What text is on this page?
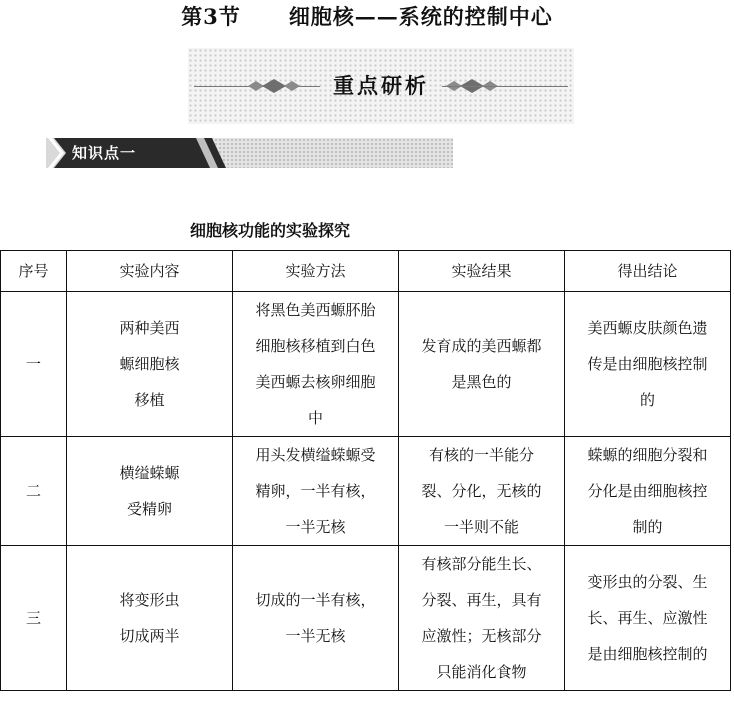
第3节 细胞核——系统的控制中心
重点研析
知识点一
细胞核功能的实验探究
序号	实验内容	实验方法	实验结果	得出结论
一	两种美西
螈细胞核
移植	将黑色美西螈肧胎
细胞核移植到白色
美西螈去核卵细胞
中	发育成的美西螈都
是黑色的	美西螈皮肤颜色遗
传是由细胞核控制
的

二	横缢蝾螈
受精卵	用头发横缢蝾螈受
精卵，一半有核，
一半无核	有核的一半能分
裂、分化，无核的
一半则不能	蝾螈的细胞分裂和
分化是由细胞核控
制的

三	将变形虫
切成两半	切成的一半有核，
一半无核	有核部分能生长、
分裂、再生，具有
应激性；无核部分
只能消化食物	变形虫的分裂、生
长、再生、应激性
是由细胞核控制的
